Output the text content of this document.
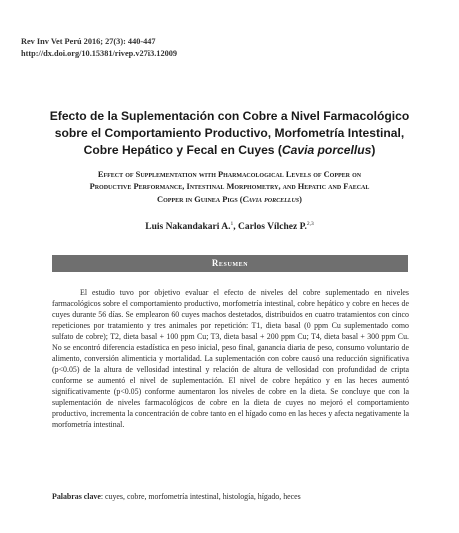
Rev Inv Vet Perú 2016; 27(3): 440-447
http://dx.doi.org/10.15381/rivep.v27i3.12009
Efecto de la Suplementación con Cobre a Nivel Farmacológico
sobre el Comportamiento Productivo, Morfometría Intestinal,
Cobre Hepático y Fecal en Cuyes (Cavia porcellus)
Effect of Supplementation with Pharmacological Levels of Copper on
Productive Performance, Intestinal Morphometry, and Hepatic and Faecal
Copper in Guinea Pigs (Cavia porcellus)
Luis Nakandakari A.$^1$, Carlos Vílchez P.$^{2,3}$
Resumen

El estudio tuvo por objetivo evaluar el efecto de niveles del cobre suplementado en niveles farmacológicos sobre el comportamiento productivo, morfometría intestinal, cobre hepático y cobre en heces de cuyes durante 56 días. Se emplearon 60 cuyes machos destetados, distribuidos en cuatro tratamientos con cinco repeticiones por tratamiento y tres animales por repetición: T1, dieta basal (0 ppm Cu suplementado como sulfato de cobre); T2, dieta basal + 100 ppm Cu; T3, dieta basal + 200 ppm Cu; T4, dieta basal + 300 ppm Cu. No se encontró diferencia estadística en peso inicial, peso final, ganancia diaria de peso, consumo voluntario de alimento, conversión alimenticia y mortalidad. La suplementación con cobre causó una reducción significativa (p<0.05) de la altura de vellosidad intestinal y relación de altura de vellosidad con profundidad de cripta conforme se aumentó el nivel de suplementación. El nivel de cobre hepático y en las heces aumentó significativamente (p<0.05) conforme aumentaron los niveles de cobre en la dieta. Se concluye que con la suplementación de niveles farmacológicos de cobre en la dieta de cuyes no mejoró el comportamiento productivo, incrementa la concentración de cobre tanto en el hígado como en las heces y afecta negativamente la morfometría intestinal.

Palabras clave: cuyes, cobre, morfometría intestinal, histología, hígado, heces
